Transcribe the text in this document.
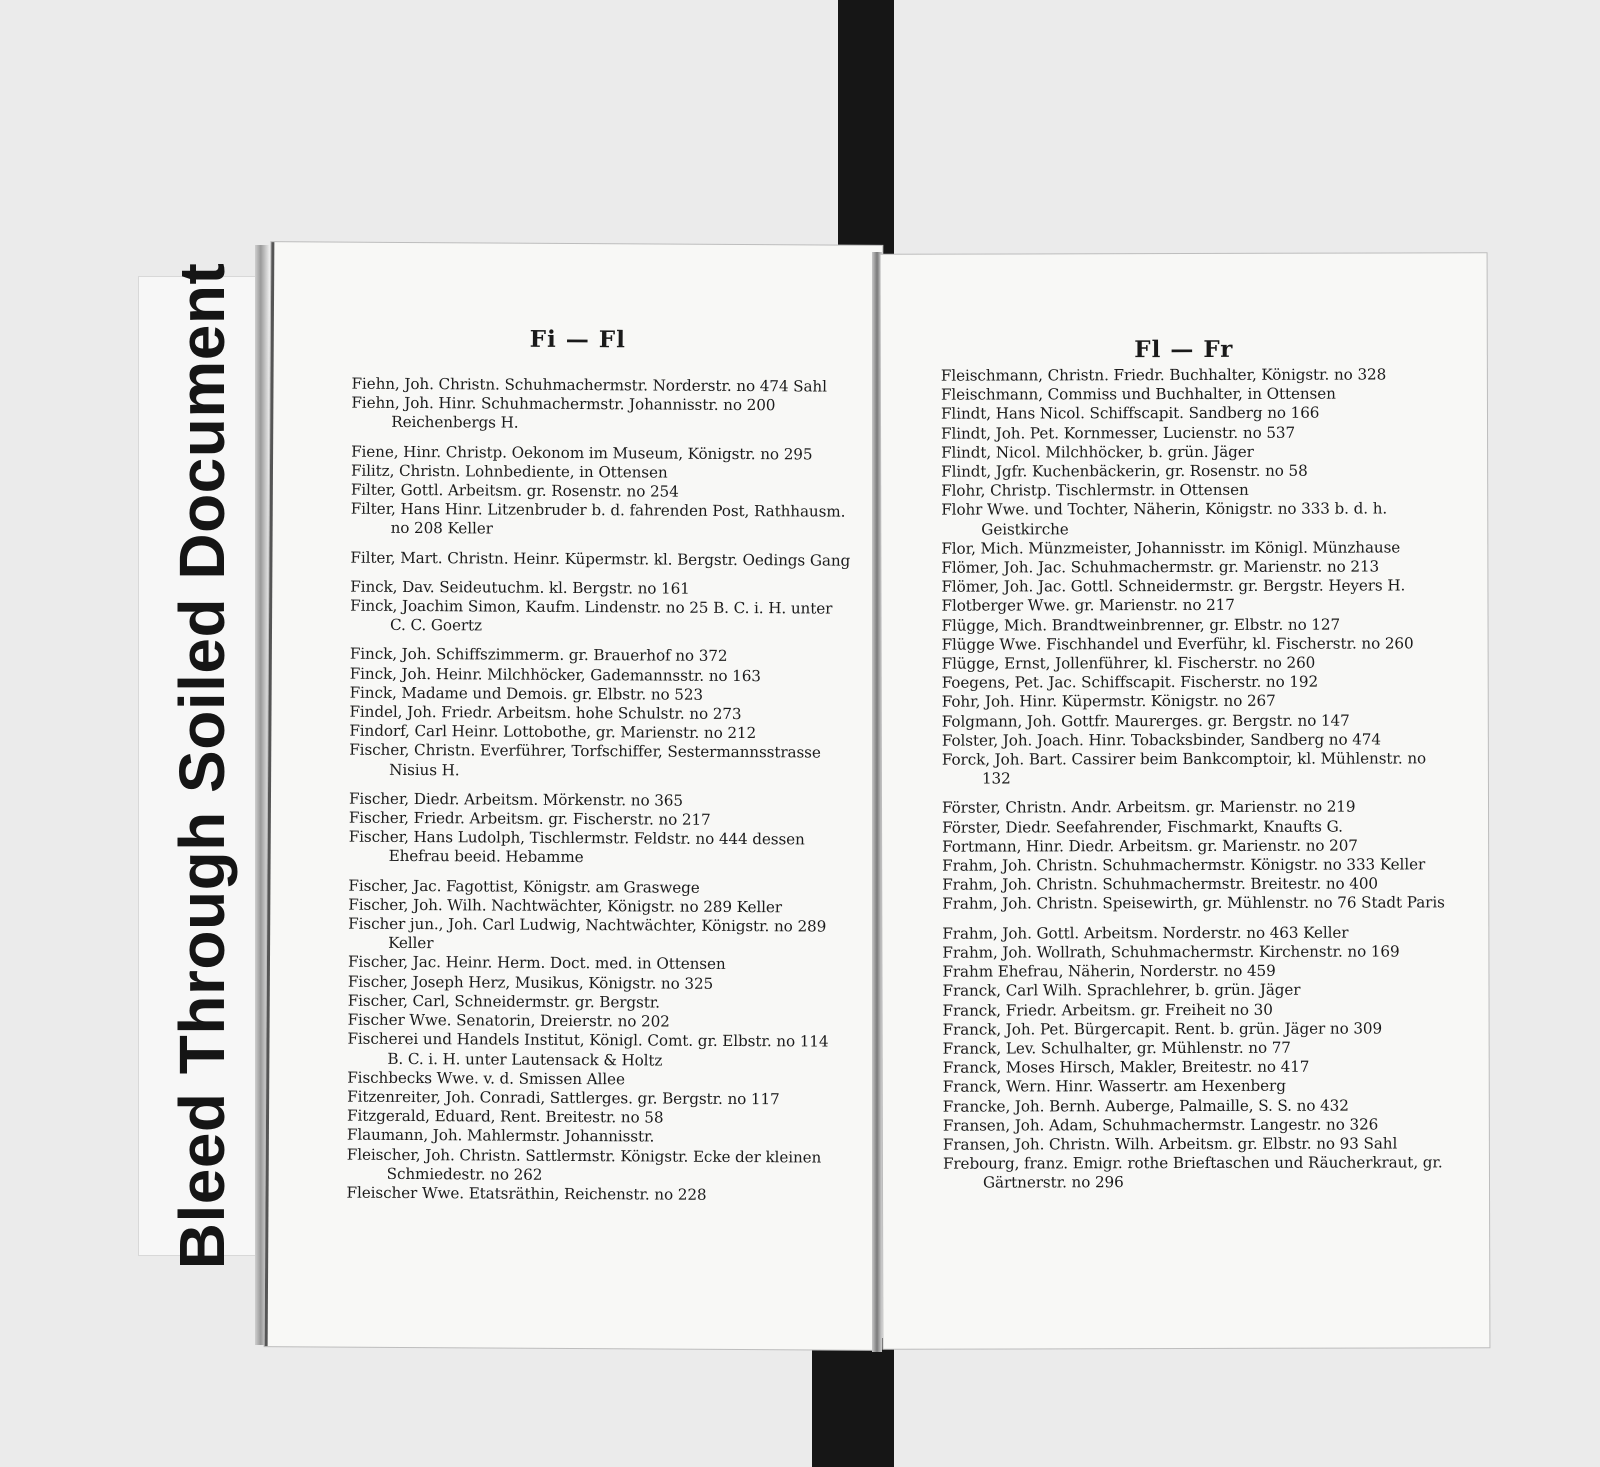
Bleed Through Soiled Document	Fi — Fl
Fiehn, Joh. Christn. Schuhmachermstr. Norderstr. no 474 Sahl
Fiehn, Joh. Hinr. Schuhmachermstr. Johannisstr. no 200 Reichenbergs H.
Fiene, Hinr. Christp. Oekonom im Museum, Königstr. no 295
Filitz, Christn. Lohnbediente, in Ottensen
Filter, Gottl. Arbeitsm. gr. Rosenstr. no 254
Filter, Hans Hinr. Litzenbruder b. d. fahrenden Post, Rathhausm. no 208 Keller
Filter, Mart. Christn. Heinr. Küpermstr. kl. Bergstr. Oedings Gang
Finck, Dav. Seideutuchm. kl. Bergstr. no 161
Finck, Joachim Simon, Kaufm. Lindenstr. no 25 B. C. i. H. unter C. C. Goertz
Finck, Joh. Schiffszimmerm. gr. Brauerhof no 372
Finck, Joh. Heinr. Milchhöcker, Gademannsstr. no 163
Finck, Madame und Demois. gr. Elbstr. no 523
Findel, Joh. Friedr. Arbeitsm. hohe Schulstr. no 273
Findorf, Carl Heinr. Lottobothe, gr. Marienstr. no 212
Fischer, Christn. Everführer, Torfschiffer, Sestermannsstrasse Nisius H.
Fischer, Diedr. Arbeitsm. Mörkenstr. no 365
Fischer, Friedr. Arbeitsm. gr. Fischerstr. no 217
Fischer, Hans Ludolph, Tischlermstr. Feldstr. no 444 dessen Ehefrau beeid. Hebamme
Fischer, Jac. Fagottist, Königstr. am Graswege
Fischer, Joh. Wilh. Nachtwächter, Königstr. no 289 Keller
Fischer jun., Joh. Carl Ludwig, Nachtwächter, Königstr. no 289 Keller
Fischer, Jac. Heinr. Herm. Doct. med. in Ottensen
Fischer, Joseph Herz, Musikus, Königstr. no 325
Fischer, Carl, Schneidermstr. gr. Bergstr.
Fischer Wwe. Senatorin, Dreierstr. no 202
Fischerei und Handels Institut, Königl. Comt. gr. Elbstr. no 114 B. C. i. H. unter Lautensack & Holtz
Fischbecks Wwe. v. d. Smissen Allee
Fitzenreiter, Joh. Conradi, Sattlerges. gr. Bergstr. no 117
Fitzgerald, Eduard, Rent. Breitestr. no 58
Flaumann, Joh. Mahlermstr. Johannisstr.
Fleischer, Joh. Christn. Sattlermstr. Königstr. Ecke der kleinen Schmiedestr. no 262
Fleischer Wwe. Etatsräthin, Reichenstr. no 228
Fl — Fr
Fleischmann, Christn. Friedr. Buchhalter, Königstr. no 328
Fleischmann, Commiss und Buchhalter, in Ottensen
Flindt, Hans Nicol. Schiffscapit. Sandberg no 166
Flindt, Joh. Pet. Kornmesser, Lucienstr. no 537
Flindt, Nicol. Milchhöcker, b. grün. Jäger
Flindt, Jgfr. Kuchenbäckerin, gr. Rosenstr. no 58
Flohr, Christp. Tischlermstr. in Ottensen
Flohr Wwe. und Tochter, Näherin, Königstr. no 333 b. d. h. Geistkirche
Flor, Mich. Münzmeister, Johannisstr. im Königl. Münzhause
Flömer, Joh. Jac. Schuhmachermstr. gr. Marienstr. no 213
Flömer, Joh. Jac. Gottl. Schneidermstr. gr. Bergstr. Heyers H.
Flotberger Wwe. gr. Marienstr. no 217
Flügge, Mich. Brandtweinbrenner, gr. Elbstr. no 127
Flügge Wwe. Fischhandel und Everführ, kl. Fischerstr. no 260
Flügge, Ernst, Jollenführer, kl. Fischerstr. no 260
Foegens, Pet. Jac. Schiffscapit. Fischerstr. no 192
Fohr, Joh. Hinr. Küpermstr. Königstr. no 267
Folgmann, Joh. Gottfr. Maurerges. gr. Bergstr. no 147
Folster, Joh. Joach. Hinr. Tobacksbinder, Sandberg no 474
Forck, Joh. Bart. Cassirer beim Bankcomptoir, kl. Mühlenstr. no 132
Förster, Christn. Andr. Arbeitsm. gr. Marienstr. no 219
Förster, Diedr. Seefahrender, Fischmarkt, Knaufts G.
Fortmann, Hinr. Diedr. Arbeitsm. gr. Marienstr. no 207
Frahm, Joh. Christn. Schuhmachermstr. Königstr. no 333 Keller
Frahm, Joh. Christn. Schuhmachermstr. Breitestr. no 400
Frahm, Joh. Christn. Speisewirth, gr. Mühlenstr. no 76 Stadt Paris
Frahm, Joh. Gottl. Arbeitsm. Norderstr. no 463 Keller
Frahm, Joh. Wollrath, Schuhmachermstr. Kirchenstr. no 169
Frahm Ehefrau, Näherin, Norderstr. no 459
Franck, Carl Wilh. Sprachlehrer, b. grün. Jäger
Franck, Friedr. Arbeitsm. gr. Freiheit no 30
Franck, Joh. Pet. Bürgercapit. Rent. b. grün. Jäger no 309
Franck, Lev. Schulhalter, gr. Mühlenstr. no 77
Franck, Moses Hirsch, Makler, Breitestr. no 417
Franck, Wern. Hinr. Wassertr. am Hexenberg
Francke, Joh. Bernh. Auberge, Palmaille, S. S. no 432
Fransen, Joh. Adam, Schuhmachermstr. Langestr. no 326
Fransen, Joh. Christn. Wilh. Arbeitsm. gr. Elbstr. no 93 Sahl
Frebourg, franz. Emigr. rothe Brieftaschen und Räucherkraut, gr. Gärtnerstr. no 296
